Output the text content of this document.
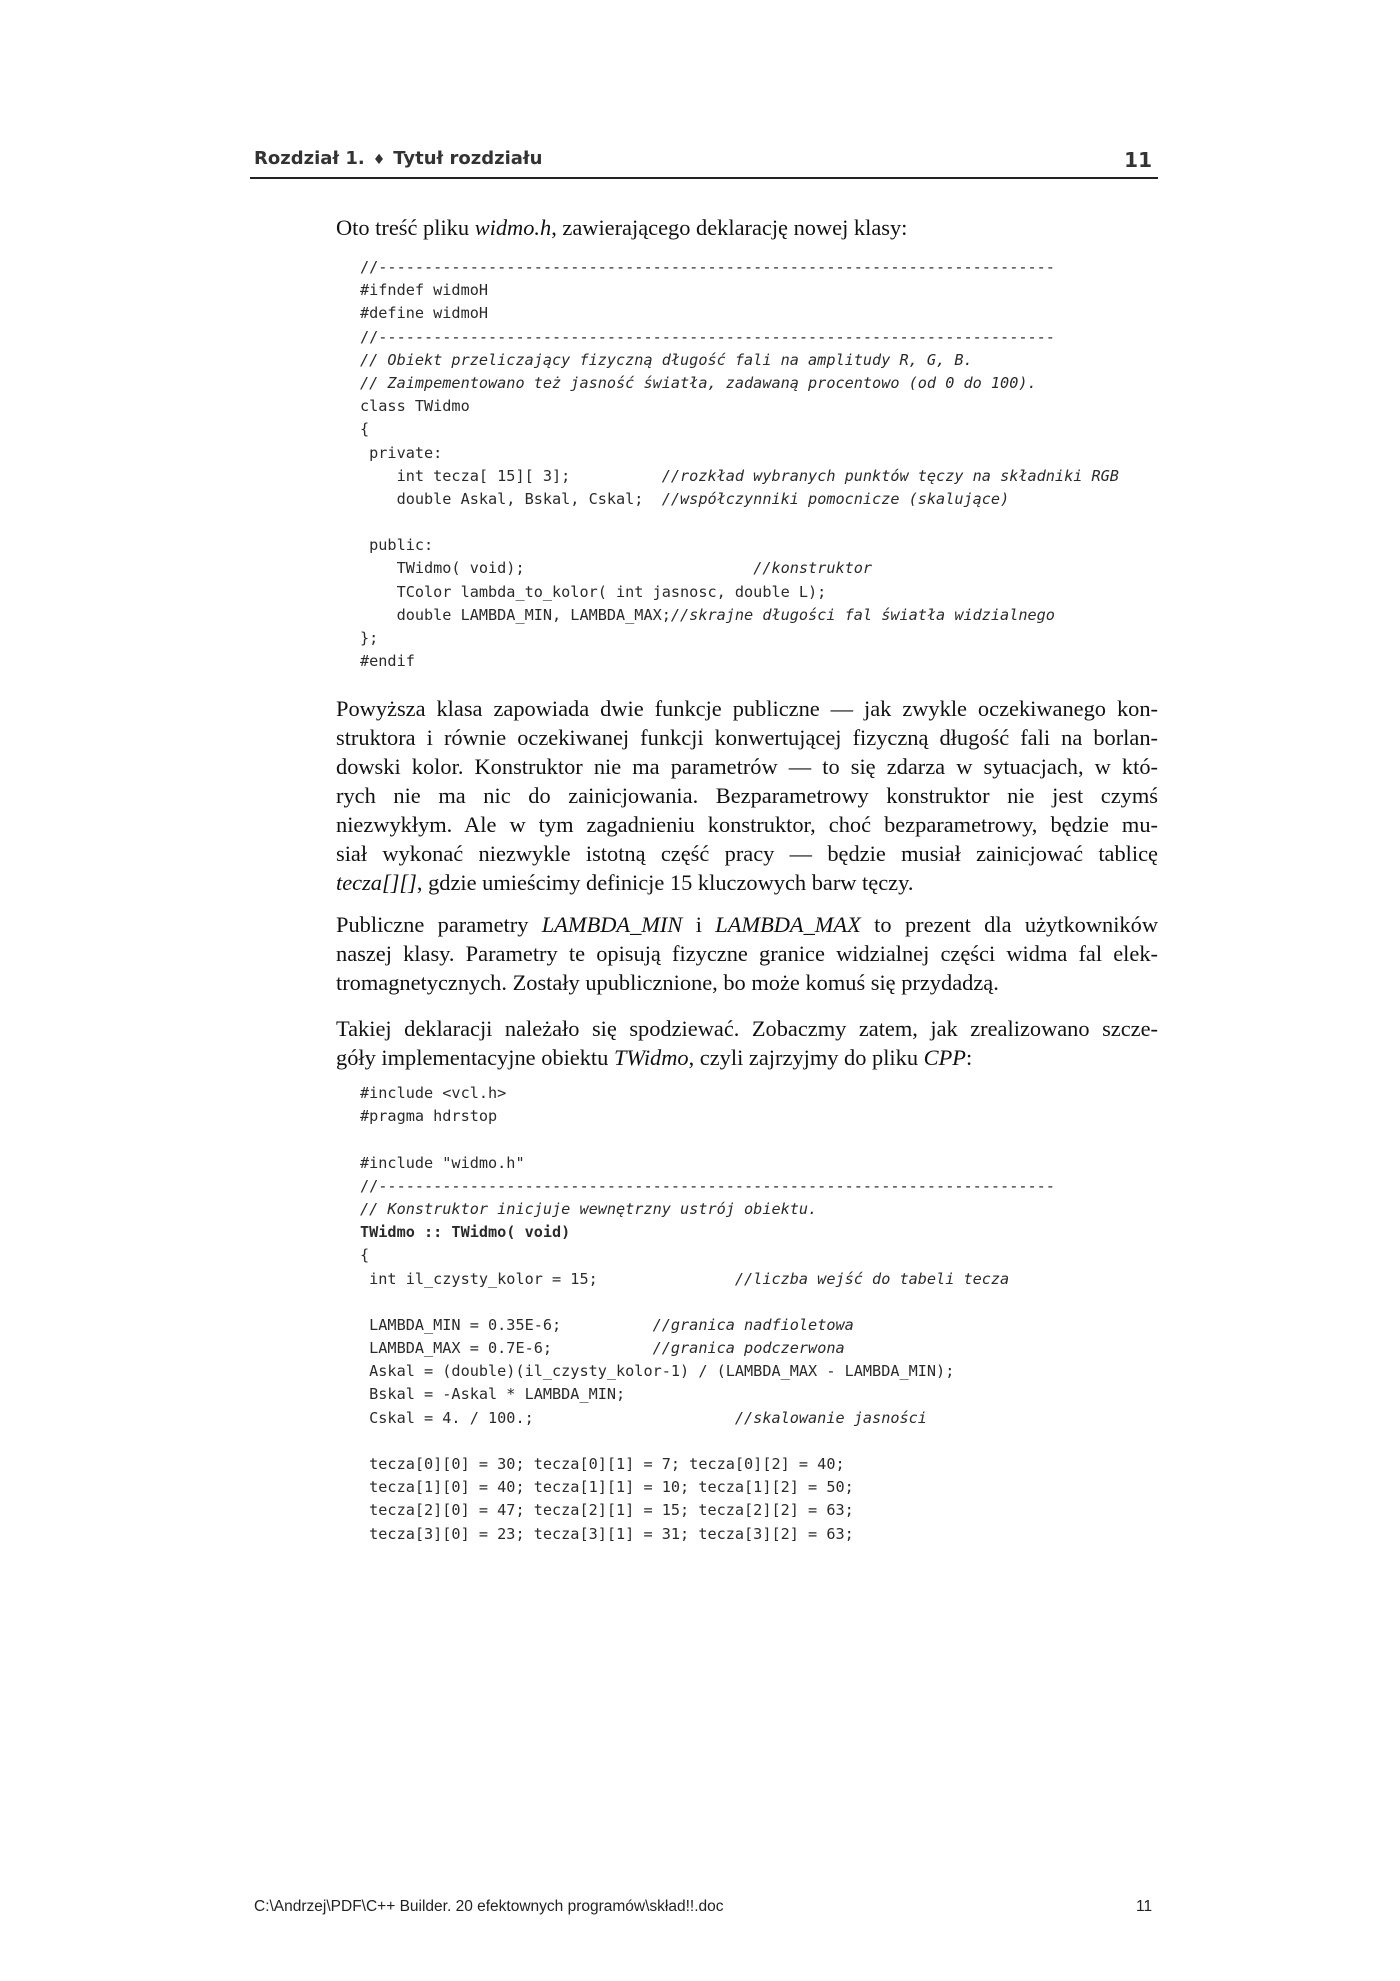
Rozdział 1. ♦ Tytuł rozdziału	11

Oto treść pliku widmo.h, zawierającego deklarację nowej klasy:

//--------------------------------------------------------------------------
#ifndef widmoH
#define widmoH
//--------------------------------------------------------------------------
// Obiekt przeliczający fizyczną długość fali na amplitudy R, G, B.
// Zaimpementowano też jasność światła, zadawaną procentowo (od 0 do 100).
class TWidmo
{
private:
int tecza[ 15][ 3];          //rozkład wybranych punktów tęczy na składniki RGB
double Askal, Bskal, Cskal;  //współczynniki pomocnicze (skalujące)
public:
TWidmo( void);                         //konstruktor
TColor lambda_to_kolor( int jasnosc, double L);
double LAMBDA_MIN, LAMBDA_MAX;//skrajne długości fal światła widzialnego
};
#endif

Powyższa klasa zapowiada dwie funkcje publiczne — jak zwykle oczekiwanego kon-
struktora i równie oczekiwanej funkcji konwertującej fizyczną długość fali na borlan-
dowski kolor. Konstruktor nie ma parametrów — to się zdarza w sytuacjach, w któ-
rych nie ma nic do zainicjowania. Bezparametrowy konstruktor nie jest czymś
niezwykłym. Ale w tym zagadnieniu konstruktor, choć bezparametrowy, będzie mu-
siał wykonać niezwykle istotną część pracy — będzie musiał zainicjować tablicę
tecza[][], gdzie umieścimy definicje 15 kluczowych barw tęczy.

Publiczne parametry LAMBDA_MIN i LAMBDA_MAX to prezent dla użytkowników
naszej klasy. Parametry te opisują fizyczne granice widzialnej części widma fal elek-
tromagnetycznych. Zostały upublicznione, bo może komuś się przydadzą.

Takiej deklaracji należało się spodziewać. Zobaczmy zatem, jak zrealizowano szcze-
góły implementacyjne obiektu TWidmo, czyli zajrzyjmy do pliku CPP:

#include <vcl.h>
#pragma hdrstop
#include "widmo.h"
//--------------------------------------------------------------------------
// Konstruktor inicjuje wewnętrzny ustrój obiektu.
TWidmo :: TWidmo( void)
{
int il_czysty_kolor = 15;               //liczba wejść do tabeli tecza
LAMBDA_MIN = 0.35E-6;          //granica nadfioletowa
LAMBDA_MAX = 0.7E-6;           //granica podczerwona
Askal = (double)(il_czysty_kolor-1) / (LAMBDA_MAX - LAMBDA_MIN);
Bskal = -Askal * LAMBDA_MIN;
Cskal = 4. / 100.;                      //skalowanie jasności
tecza[0][0] = 30; tecza[0][1] = 7; tecza[0][2] = 40;
tecza[1][0] = 40; tecza[1][1] = 10; tecza[1][2] = 50;
tecza[2][0] = 47; tecza[2][1] = 15; tecza[2][2] = 63;
tecza[3][0] = 23; tecza[3][1] = 31; tecza[3][2] = 63;
C:\Andrzej\PDF\C++ Builder. 20 efektownych programów\skład!!.doc	11
